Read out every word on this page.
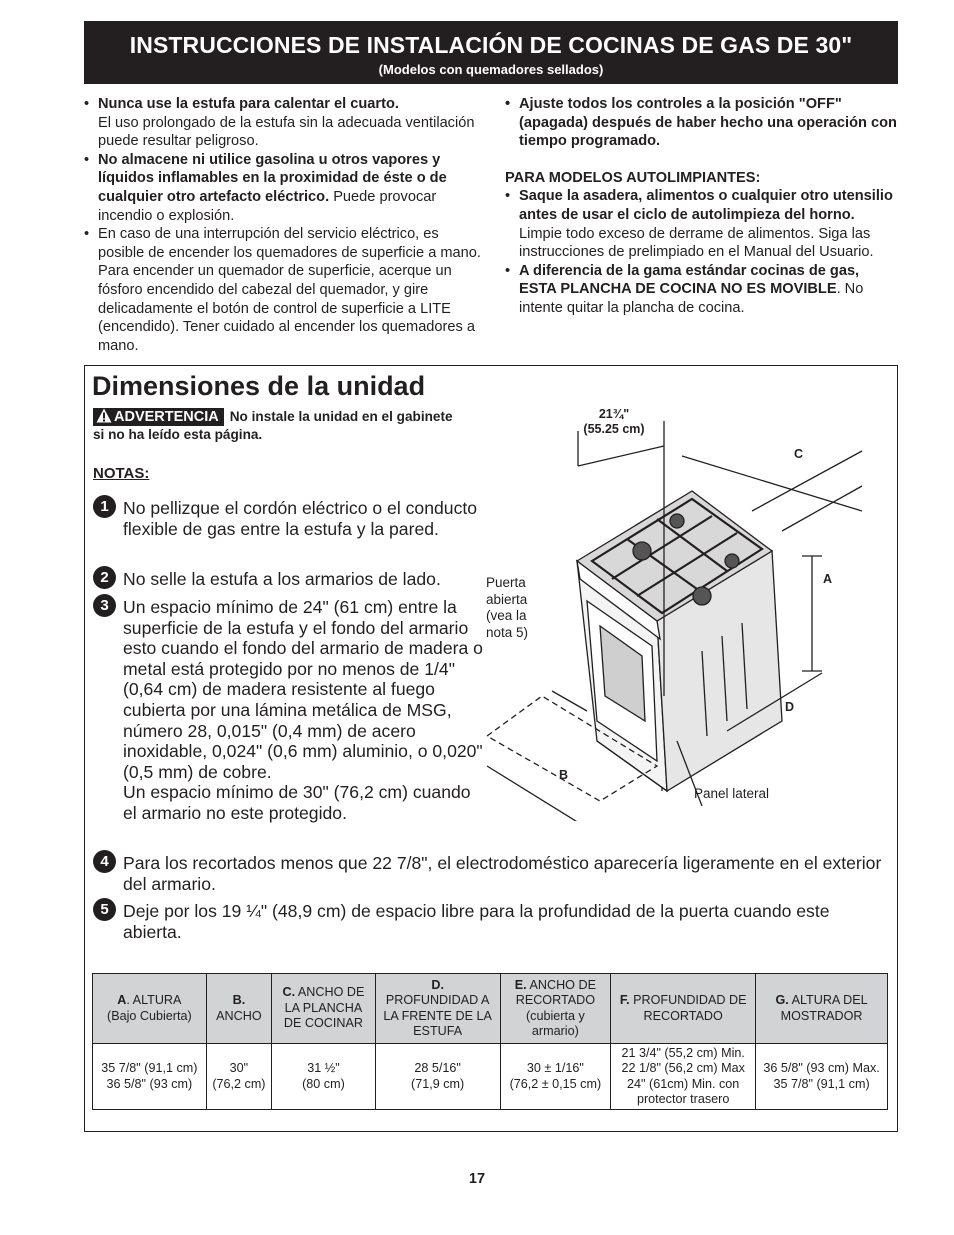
INSTRUCCIONES DE INSTALACIÓN DE COCINAS DE GAS DE 30"
(Modelos con quemadores sellados)
• Nunca use la estufa para calentar el cuarto.
El uso prolongado de la estufa sin la adecuada ventilación puede resultar peligroso.
• No almacene ni utilice gasolina u otros vapores y líquidos inflamables en la proximidad de éste o de cualquier otro artefacto eléctrico. Puede provocar incendio o explosión.
• En caso de una interrupción del servicio eléctrico, es posible de encender los quemadores de superficie a mano. Para encender un quemador de superficie, acerque un fósforo encendido del cabezal del quemador, y gire delicadamente el botón de control de superficie a LITE (encendido). Tener cuidado al encender los quemadores a mano.
• Ajuste todos los controles a la posición "OFF" (apagada) después de haber hecho una operación con tiempo programado.
PARA MODELOS AUTOLIMPIANTES:
• Saque la asadera, alimentos o cualquier otro utensilio antes de usar el ciclo de autolimpieza del horno. Limpie todo exceso de derrame de alimentos. Siga las instrucciones de prelimpiado en el Manual del Usuario.
• A diferencia de la gama estándar cocinas de gas, ESTA PLANCHA DE COCINA NO ES MOVIBLE. No intente quitar la plancha de cocina.
Dimensiones de la unidad
ADVERTENCIA No instale la unidad en el gabinete si no ha leído esta página.
NOTAS:
1 No pellizque el cordón eléctrico o el conducto flexible de gas entre la estufa y la pared.
2 No selle la estufa a los armarios de lado.
3 Un espacio mínimo de 24" (61 cm) entre la superficie de la estufa y el fondo del armario esto cuando el fondo del armario de madera o metal está protegido por no menos de 1/4" (0,64 cm) de madera resistente al fuego cubierta por una lámina metálica de MSG, número 28, 0,015" (0,4 mm) de acero inoxidable, 0,024" (0,6 mm) aluminio, o 0,020" (0,5 mm) de cobre.
Un espacio mínimo de 30" (76,2 cm) cuando el armario no este protegido.
4 Para los recortados menos que 22 7/8", el electrodoméstico aparecería ligeramente en el exterior del armario.
5 Deje por los 19 ¼" (48,9 cm) de espacio libre para la profundidad de la puerta cuando este abierta.
21¾"
(55.25 cm)
C
A
D
B
Puerta
abierta
(vea la
nota 5)
Panel lateral
A. ALTURA
(Bajo Cubierta)	B.
ANCHO	C. ANCHO DE LA PLANCHA DE COCINAR	D.
PROFUNDIDAD A LA FRENTE DE LA ESTUFA	E. ANCHO DE RECORTADO
(cubierta y armario)	F. PROFUNDIDAD DE RECORTADO	G. ALTURA DEL MOSTRADOR
35 7/8" (91,1 cm)
36 5/8" (93 cm)	30"
(76,2 cm)	31 ½"
(80 cm)	28 5/16"
(71,9 cm)	30 ± 1/16"
(76,2 ± 0,15 cm)	21 3/4" (55,2 cm) Min.
22 1/8" (56,2 cm) Max
24" (61cm) Min. con
protector trasero	36 5/8" (93 cm) Max.
35 7/8" (91,1 cm)
17
